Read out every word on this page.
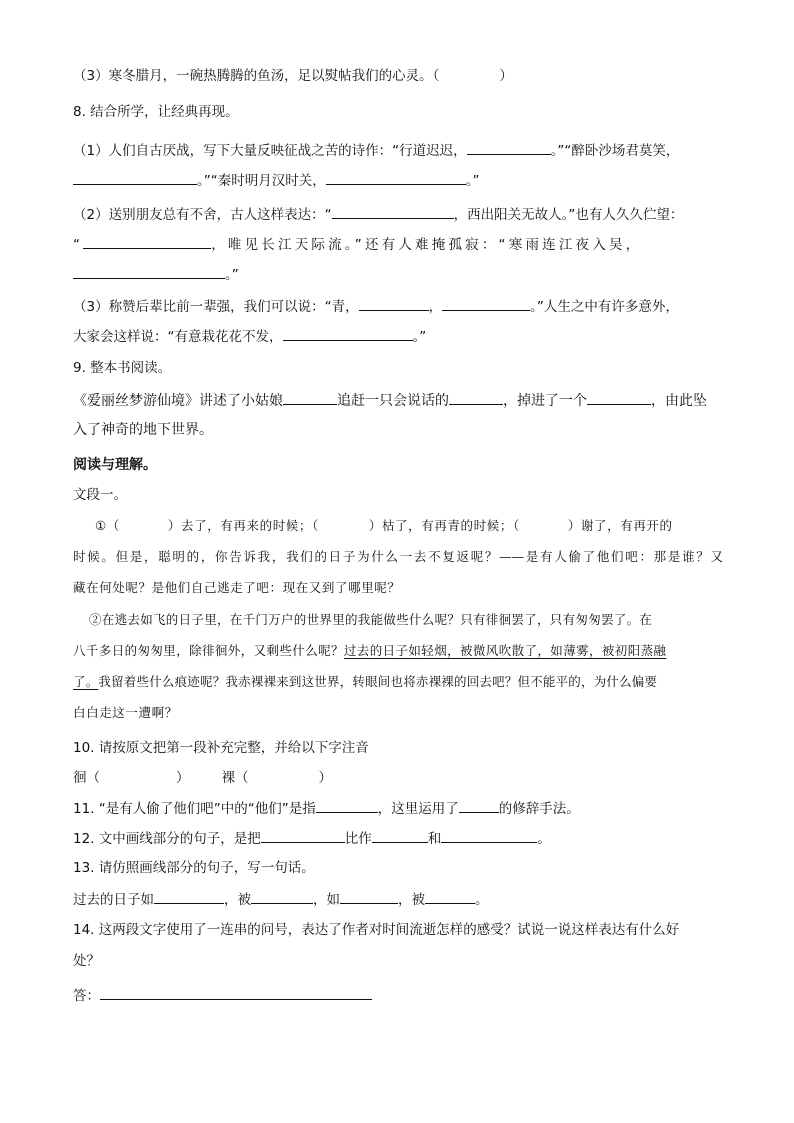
（3）寒冬腊月，一碗热腾腾的鱼汤，足以熨帖我们的心灵。（	）
8. 结合所学，让经典再现。
（1）人们自古厌战，写下大量反映征战之苦的诗作：“行道迟迟，	。”“醉卧沙场君莫笑，
。”“秦时明月汉时关，	。”
（2）送别朋友总有不舍，古人这样表达：“	，西出阳关无故人。”也有人久久伫望：
“	，唯见长江天际流。”还有人难掩孤寂：“寒雨连江夜入吴，
。”
（3）称赞后辈比前一辈强，我们可以说：“青，	，	。”人生之中有许多意外，
大家会这样说：“有意栽花花不发，	。”
9. 整本书阅读。
《爱丽丝梦游仙境》讲述了小姑娘	追赶一只会说话的	，掉进了一个	，由此坠
入了神奇的地下世界。
阅读与理解。
文段一。
①（	）去了，有再来的时候；（	）枯了，有再青的时候；（	）谢了，有再开的
时候。但是，聪明的，你告诉我，我们的日子为什么一去不复返呢？——是有人偷了他们吧：那是谁？又
藏在何处呢？是他们自己逃走了吧：现在又到了哪里呢？
②在逃去如飞的日子里，在千门万户的世界里的我能做些什么呢？只有徘徊罢了，只有匆匆罢了。在
八千多日的匆匆里，除徘徊外，又剩些什么呢？过去的日子如轻烟，被微风吹散了，如薄雾，被初阳蒸融
了。我留着些什么痕迹呢？我赤裸裸来到这世界，转眼间也将赤裸裸的回去吧？但不能平的，为什么偏要
白白走这一遭啊？
10. 请按原文把第一段补充完整，并给以下字注音
徊（	） 裸（	）
11. “是有人偷了他们吧”中的“他们”是指	，这里运用了	的修辞手法。
12. 文中画线部分的句子，是把	比作	和	。
13. 请仿照画线部分的句子，写一句话。
过去的日子如	，被	，如	，被	。
14. 这两段文字使用了一连串的问号，表达了作者对时间流逝怎样的感受？试说一说这样表达有什么好
处？
答：
